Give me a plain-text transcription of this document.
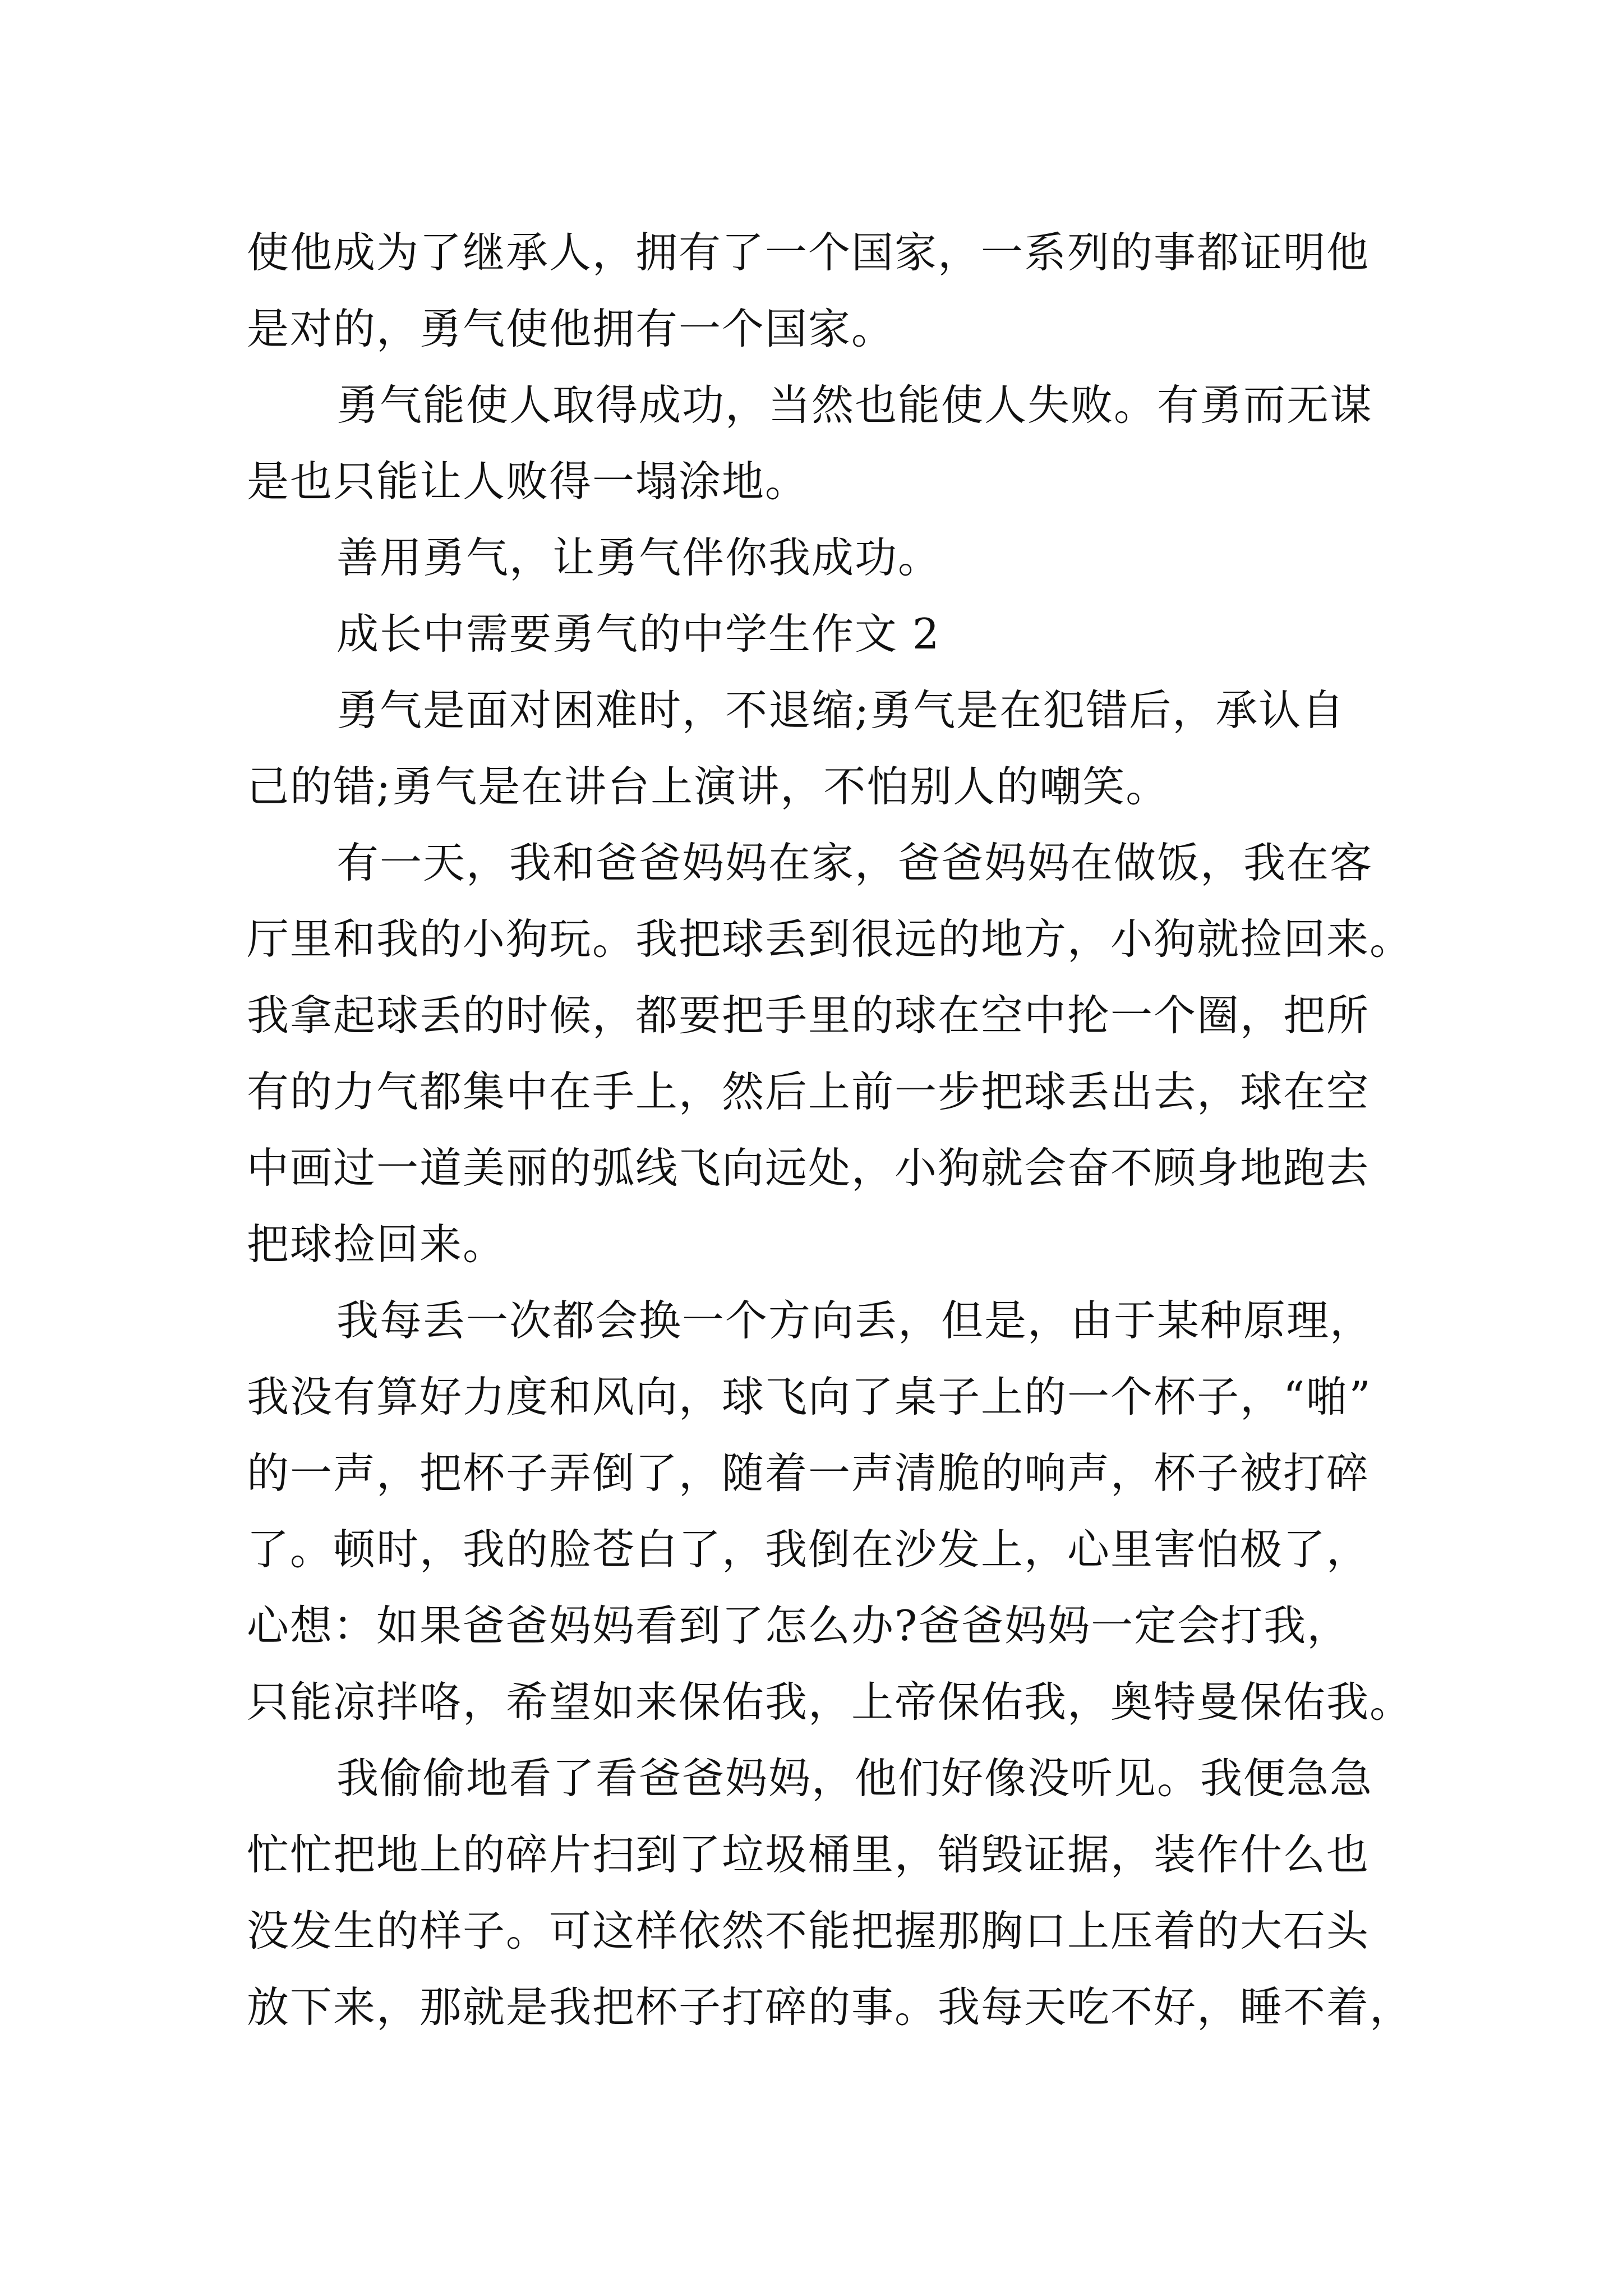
使他成为了继承人，拥有了一个国家，一系列的事都证明他
是对的，勇气使他拥有一个国家。
勇气能使人取得成功，当然也能使人失败。有勇而无谋
是也只能让人败得一塌涂地。
善用勇气，让勇气伴你我成功。
成长中需要勇气的中学生作文 2
勇气是面对困难时，不退缩;勇气是在犯错后，承认自
己的错;勇气是在讲台上演讲，不怕别人的嘲笑。
有一天，我和爸爸妈妈在家，爸爸妈妈在做饭，我在客
厅里和我的小狗玩。我把球丢到很远的地方，小狗就捡回来。
我拿起球丢的时候，都要把手里的球在空中抡一个圈，把所
有的力气都集中在手上，然后上前一步把球丢出去，球在空
中画过一道美丽的弧线飞向远处，小狗就会奋不顾身地跑去
把球捡回来。
我每丢一次都会换一个方向丢，但是，由于某种原理，
我没有算好力度和风向，球飞向了桌子上的一个杯子，“啪”
的一声，把杯子弄倒了，随着一声清脆的响声，杯子被打碎
了。顿时，我的脸苍白了，我倒在沙发上，心里害怕极了，
心想：如果爸爸妈妈看到了怎么办?爸爸妈妈一定会打我，
只能凉拌咯，希望如来保佑我，上帝保佑我，奥特曼保佑我。
我偷偷地看了看爸爸妈妈，他们好像没听见。我便急急
忙忙把地上的碎片扫到了垃圾桶里，销毁证据，装作什么也
没发生的样子。可这样依然不能把握那胸口上压着的大石头
放下来，那就是我把杯子打碎的事。我每天吃不好，睡不着，
